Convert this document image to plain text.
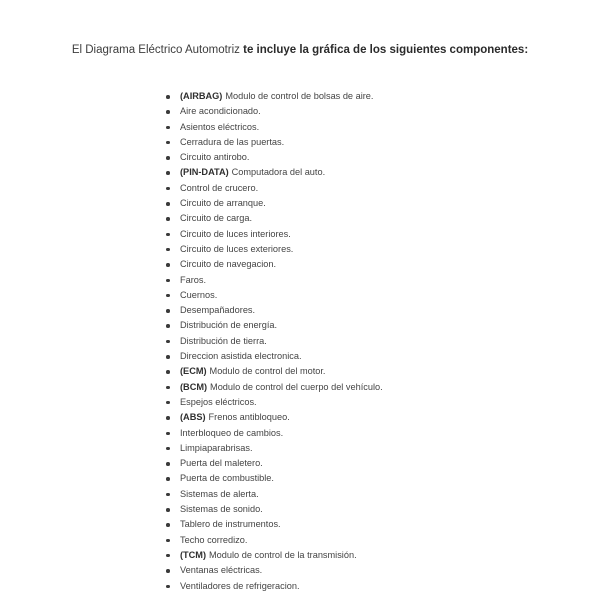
El Diagrama Eléctrico Automotriz te incluye la gráfica de los siguientes componentes:
(AIRBAG) Modulo de control de bolsas de aire.
Aire acondicionado.
Asientos eléctricos.
Cerradura de las puertas.
Circuito antirobo.
(PIN-DATA) Computadora del auto.
Control de crucero.
Circuito de arranque.
Circuito de carga.
Circuito de luces interiores.
Circuito de luces exteriores.
Circuito de navegacion.
Faros.
Cuernos.
Desempañadores.
Distribución de energía.
Distribución de tierra.
Direccion asistida electronica.
(ECM) Modulo de control del motor.
(BCM) Modulo de control del cuerpo del vehículo.
Espejos eléctricos.
(ABS) Frenos antibloqueo.
Interbloqueo de cambios.
Limpiaparabrisas.
Puerta del maletero.
Puerta de combustible.
Sistemas de alerta.
Sistemas de sonido.
Tablero de instrumentos.
Techo corredizo.
(TCM) Modulo de control de la transmisión.
Ventanas eléctricas.
Ventiladores de refrigeracion.
